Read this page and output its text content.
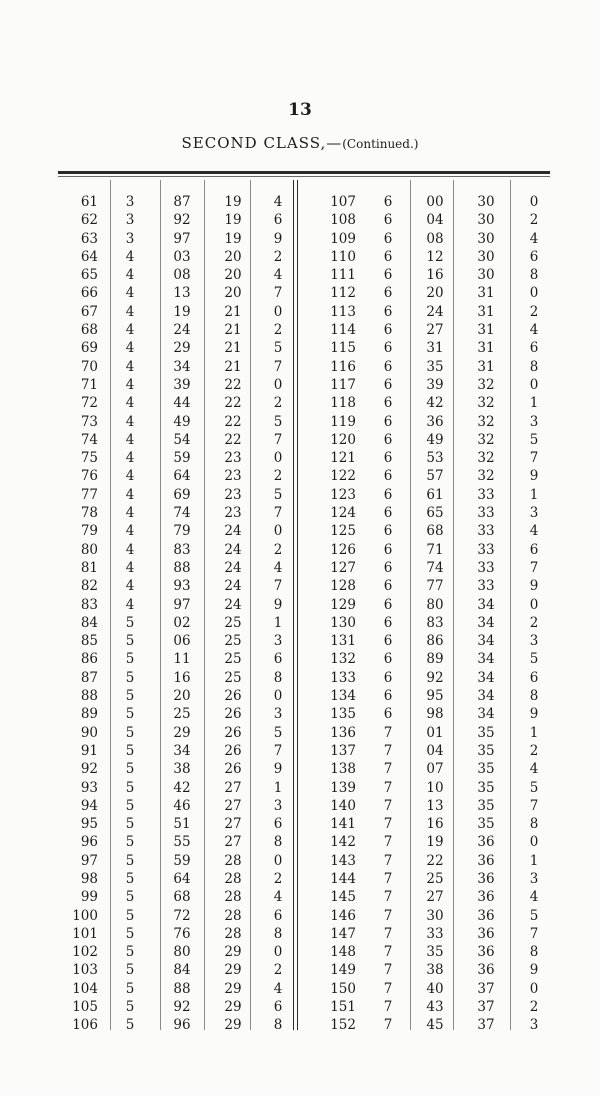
13
SECOND CLASS,—(Continued.)
61	3	87	19	4	107	6	00	30	0
62	3	92	19	6	108	6	04	30	2
63	3	97	19	9	109	6	08	30	4
64	4	03	20	2	110	6	12	30	6
65	4	08	20	4	111	6	16	30	8
66	4	13	20	7	112	6	20	31	0
67	4	19	21	0	113	6	24	31	2
68	4	24	21	2	114	6	27	31	4
69	4	29	21	5	115	6	31	31	6
70	4	34	21	7	116	6	35	31	8
71	4	39	22	0	117	6	39	32	0
72	4	44	22	2	118	6	42	32	1
73	4	49	22	5	119	6	36	32	3
74	4	54	22	7	120	6	49	32	5
75	4	59	23	0	121	6	53	32	7
76	4	64	23	2	122	6	57	32	9
77	4	69	23	5	123	6	61	33	1
78	4	74	23	7	124	6	65	33	3
79	4	79	24	0	125	6	68	33	4
80	4	83	24	2	126	6	71	33	6
81	4	88	24	4	127	6	74	33	7
82	4	93	24	7	128	6	77	33	9
83	4	97	24	9	129	6	80	34	0
84	5	02	25	1	130	6	83	34	2
85	5	06	25	3	131	6	86	34	3
86	5	11	25	6	132	6	89	34	5
87	5	16	25	8	133	6	92	34	6
88	5	20	26	0	134	6	95	34	8
89	5	25	26	3	135	6	98	34	9
90	5	29	26	5	136	7	01	35	1
91	5	34	26	7	137	7	04	35	2
92	5	38	26	9	138	7	07	35	4
93	5	42	27	1	139	7	10	35	5
94	5	46	27	3	140	7	13	35	7
95	5	51	27	6	141	7	16	35	8
96	5	55	27	8	142	7	19	36	0
97	5	59	28	0	143	7	22	36	1
98	5	64	28	2	144	7	25	36	3
99	5	68	28	4	145	7	27	36	4
100	5	72	28	6	146	7	30	36	5
101	5	76	28	8	147	7	33	36	7
102	5	80	29	0	148	7	35	36	8
103	5	84	29	2	149	7	38	36	9
104	5	88	29	4	150	7	40	37	0
105	5	92	29	6	151	7	43	37	2
106	5	96	29	8	152	7	45	37	3
